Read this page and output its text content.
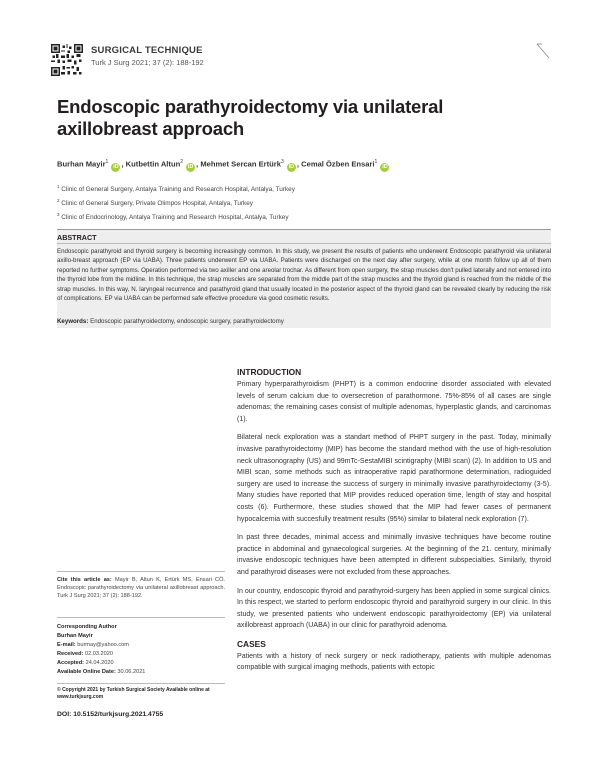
SURGICAL TECHNIQUE
Turk J Surg 2021; 37 (2): 188-192
Endoscopic parathyroidectomy via unilateral axillobreast approach
Burhan Mayir$^1$ iD , Kutbettin Altun$^2$ iD , Mehmet Sercan Ertürk$^3$ iD , Cemal Özben Ensari$^1$ iD
$^1$ Clinic of General Surgery, Antalya Training and Research Hospital, Antalya, Turkey
$^2$ Clinic of General Surgery, Private Olimpos Hospital, Antalya, Turkey
$^3$ Clinic of Endocrinology, Antalya Training and Research Hospital, Antalya, Turkey
ABSTRACT

Endoscopic parathyroid and thyroid surgery is becoming increasingly common. In this study, we present the results of patients who underwent Endoscopic parathyroid via unilateral axillo-breast approach (EP via UABA). Three patients underwent EP via UABA. Patients were discharged on the next day after surgery, while at one month follow up all of them reported no further symptoms. Operation performed via two axiller and one areolar trochar. As different from open surgery, the strap muscles don't pulled laterally and not entered into the thyroid lobe from the midline. In this technique, the strap muscles are separated from the middle part of the strap muscles and the thyroid gland is reached from the middle of the strap muscles. In this way, N. laryngeal recurrence and parathyroid gland that usually located in the posterior aspect of the thyroid gland can be revealed clearly by reducing the risk of complications. EP via UABA can be performed safe effective procedure via good cosmetic results.

Keywords: Endoscopic parathyroidectomy, endoscopic surgery, parathyroidectomy
Cite this article as: Mayir B, Altun K, Ertürk MS, Ensari CÖ. Endoscopic parathyroidectomy via unilateral axillobreast approach. Turk J Surg 2021; 37 (2): 188-192.
Corresponding Author
Burhan Mayir
E-mail: burmay@yahoo.com
Received: 02.03.2020
Accepted: 24.04.2020
Available Online Date: 30.06.2021
© Copyright 2021 by Turkish Surgical Society Available online at
www.turkjsurg.com
DOI: 10.5152/turkjsurg.2021.4755
INTRODUCTION

Primary hyperparathyroidism (PHPT) is a common endocrine disorder associated with elevated levels of serum calcium due to oversecretion of parathormone. 75%-85% of all cases are single adenomas; the remaining cases consist of multiple adenomas, hyperplastic glands, and carcinomas (1).

Bilateral neck exploration was a standart method of PHPT surgery in the past. Today, minimally invasive parathyroidectomy (MIP) has become the standard method with the use of high-resolution neck ultrasonography (US) and 99mTc-SestaMIBI scintigraphy (MIBI scan) (2). In addition to US and MIBI scan, some methods such as intraoperative rapid parathormone determination, radioguided surgery are used to increase the success of surgery in minimally invasive parathyroidectomy (3-5). Many studies have reported that MIP provides reduced operation time, length of stay and hospital costs (6). Furthermore, these studies showed that the MIP had fewer cases of permanent hypocalcemia with succesfully treatment results (95%) similar to bilateral neck exploration (7).

In past three decades, minimal access and minimally invasive techniques have become routine practice in abdominal and gynaecological surgeries. At the beginning of the 21. century, minimally invasive endoscopic techniques have been attempted in different subspecialties. Similarly, thyroid and parathyroid diseases were not excluded from these approaches.

In our country, endoscopic thyroid and parathyroid-surgery has been applied in some surgical clinics. In this respect, we started to perform endoscopic thyroid and parathyroid surgery in our clinic. In this study, we presented patients who underwent endoscopic parathyroidectomy (EP) via unilateral axillobreast approach (UABA) in our clinic for parathyroid adenoma.

CASES

Patients with a history of neck surgery or neck radiotherapy, patients with multiple adenomas compatible with surgical imaging methods, patients with ectopic
